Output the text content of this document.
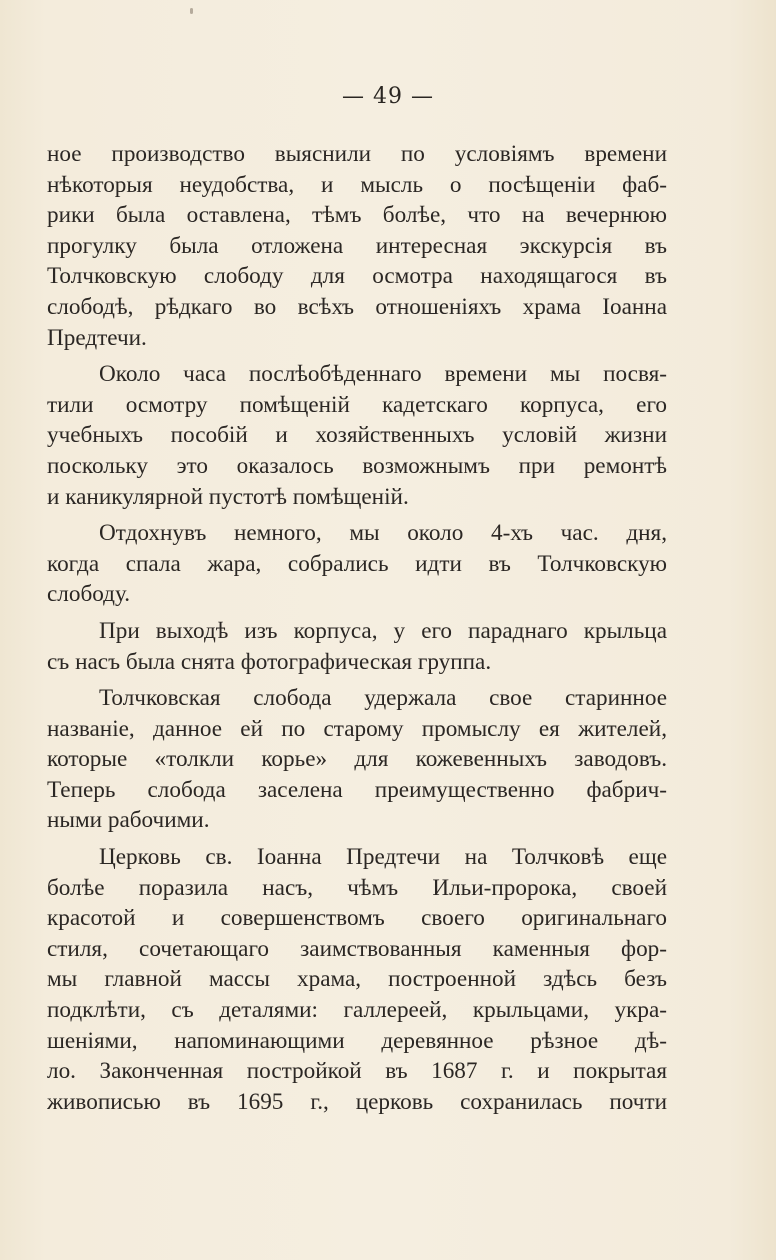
— 49 —
ное производство выяснили по условіямъ времени
нѣкоторыя неудобства, и мысль о посѣщеніи фаб-
рики была оставлена, тѣмъ болѣе, что на вечернюю
прогулку была отложена интересная экскурсія въ
Толчковскую слободу для осмотра находящагося въ
слободѣ, рѣдкаго во всѣхъ отношеніяхъ храма Іоанна
Предтечи.
Около часа послѣобѣденнаго времени мы посвя-
тили осмотру помѣщеній кадетскаго корпуса, его
учебныхъ пособій и хозяйственныхъ условій жизни
поскольку это оказалось возможнымъ при ремонтѣ
и каникулярной пустотѣ помѣщеній.
Отдохнувъ немного, мы около 4-хъ час. дня,
когда спала жара, собрались идти въ Толчковскую
слободу.
При выходѣ изъ корпуса, у его параднаго крыльца
съ насъ была снята фотографическая группа.
Толчковская слобода удержала свое старинное
названіе, данное ей по старому промыслу ея жителей,
которые «толкли корье» для кожевенныхъ заводовъ.
Теперь слобода заселена преимущественно фабрич-
ными рабочими.
Церковь св. Іоанна Предтечи на Толчковѣ еще
болѣе поразила насъ, чѣмъ Ильи-пророка, своей
красотой и совершенствомъ своего оригинальнаго
стиля, сочетающаго заимствованныя каменныя фор-
мы главной массы храма, построенной здѣсь безъ
подклѣти, съ деталями: галлереей, крыльцами, укра-
шеніями, напоминающими деревянное рѣзное дѣ-
ло. Законченная постройкой въ 1687 г. и покрытая
живописью въ 1695 г., церковь сохранилась почти
